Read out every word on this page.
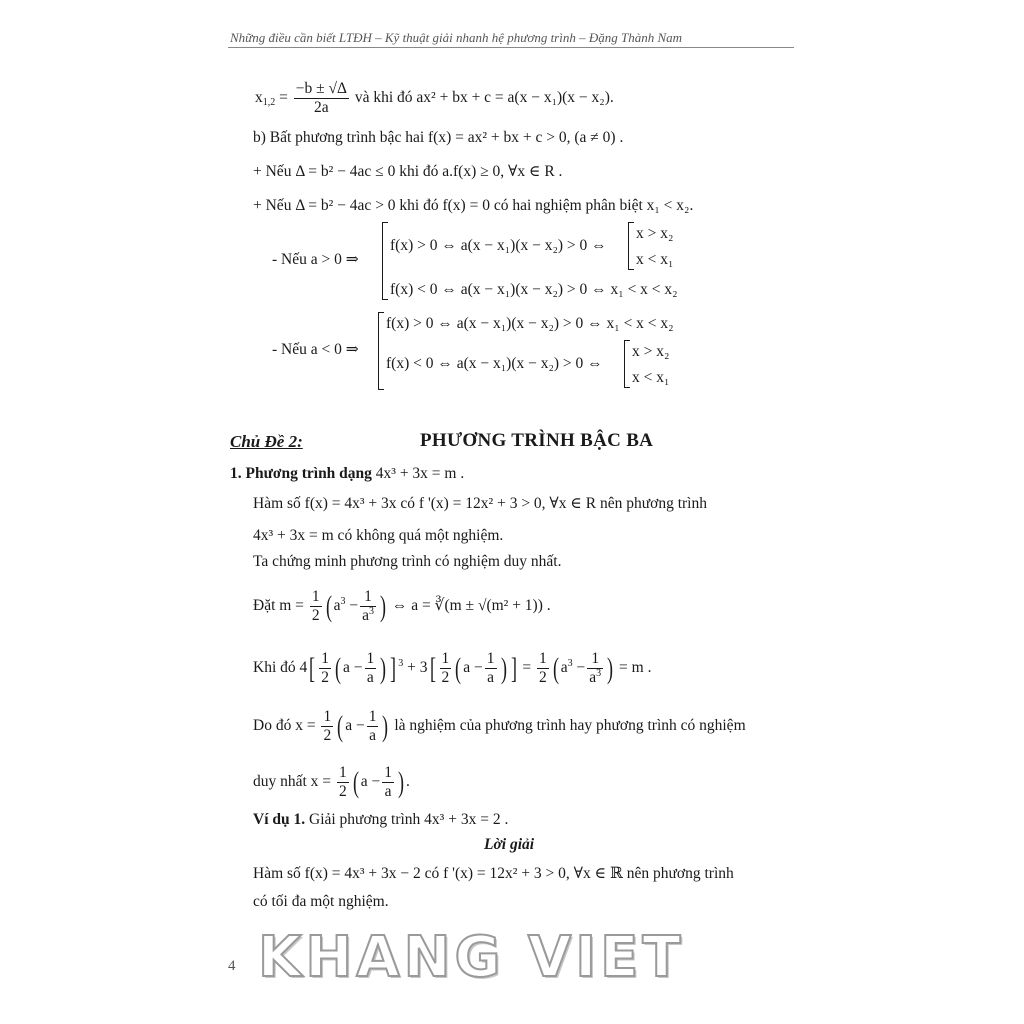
Những điều cần biết LTĐH – Kỹ thuật giải nhanh hệ phương trình – Đặng Thành Nam
$x_{1,2} = \frac{-b \pm √\Delta}{2a}$ và khi đó ax² + bx + c = a(x − x₁)(x − x₂).
b) Bất phương trình bậc hai f(x) = ax² + bx + c > 0, (a ≠ 0) .
+ Nếu Δ = b² − 4ac ≤ 0 khi đó a.f(x) ≥ 0, ∀x ∈ R .
+ Nếu Δ = b² − 4ac > 0 khi đó f(x) = 0 có hai nghiệm phân biệt x₁ < x₂.
- Nếu a > 0 ⇒
f(x) > 0 ⇔ a(x − x₁)(x − x₂) > 0 ⇔
x > x₂
x < x₁
f(x) < 0 ⇔ a(x − x₁)(x − x₂) > 0 ⇔ x₁ < x < x₂
- Nếu a < 0 ⇒
f(x) > 0 ⇔ a(x − x₁)(x − x₂) > 0 ⇔ x₁ < x < x₂
f(x) < 0 ⇔ a(x − x₁)(x − x₂) > 0 ⇔
x > x₂
x < x₁
Chủ Đề 2:	PHƯƠNG TRÌNH BẬC BA
1. Phương trình dạng 4x³ + 3x = m .
Hàm số f(x) = 4x³ + 3x có f '(x) = 12x² + 3 > 0, ∀x ∈ R nên phương trình
4x³ + 3x = m có không quá một nghiệm.
Ta chứng minh phương trình có nghiệm duy nhất.
Đặt $m = \frac{1}{2}$ ( $a^3 - \frac{1}{a^3}$ ) ⇔ a = ∛(m ± √(m² + 1)) .
Khi đó $4[ \frac{1}{2}$ ( $a - \frac{1}{a}$ ) ] $^3 + 3[ \frac{1}{2}$ ( $a - \frac{1}{a}$ ) ] = $\frac{1}{2}$ ( $a^3 - \frac{1}{a^3}$ ) = m .
Do đó $x = \frac{1}{2}$ ( $a - \frac{1}{a}$ ) là nghiệm của phương trình hay phương trình có nghiệm
duy nhất $x = \frac{1}{2}$ ( $a - \frac{1}{a}$ ) .
Ví dụ 1. Giải phương trình 4x³ + 3x = 2 .
Lời giải
Hàm số f(x) = 4x³ + 3x − 2 có f '(x) = 12x² + 3 > 0, ∀x ∈ ℝ nên phương trình
có tối đa một nghiệm.
4 KHANG VIET
